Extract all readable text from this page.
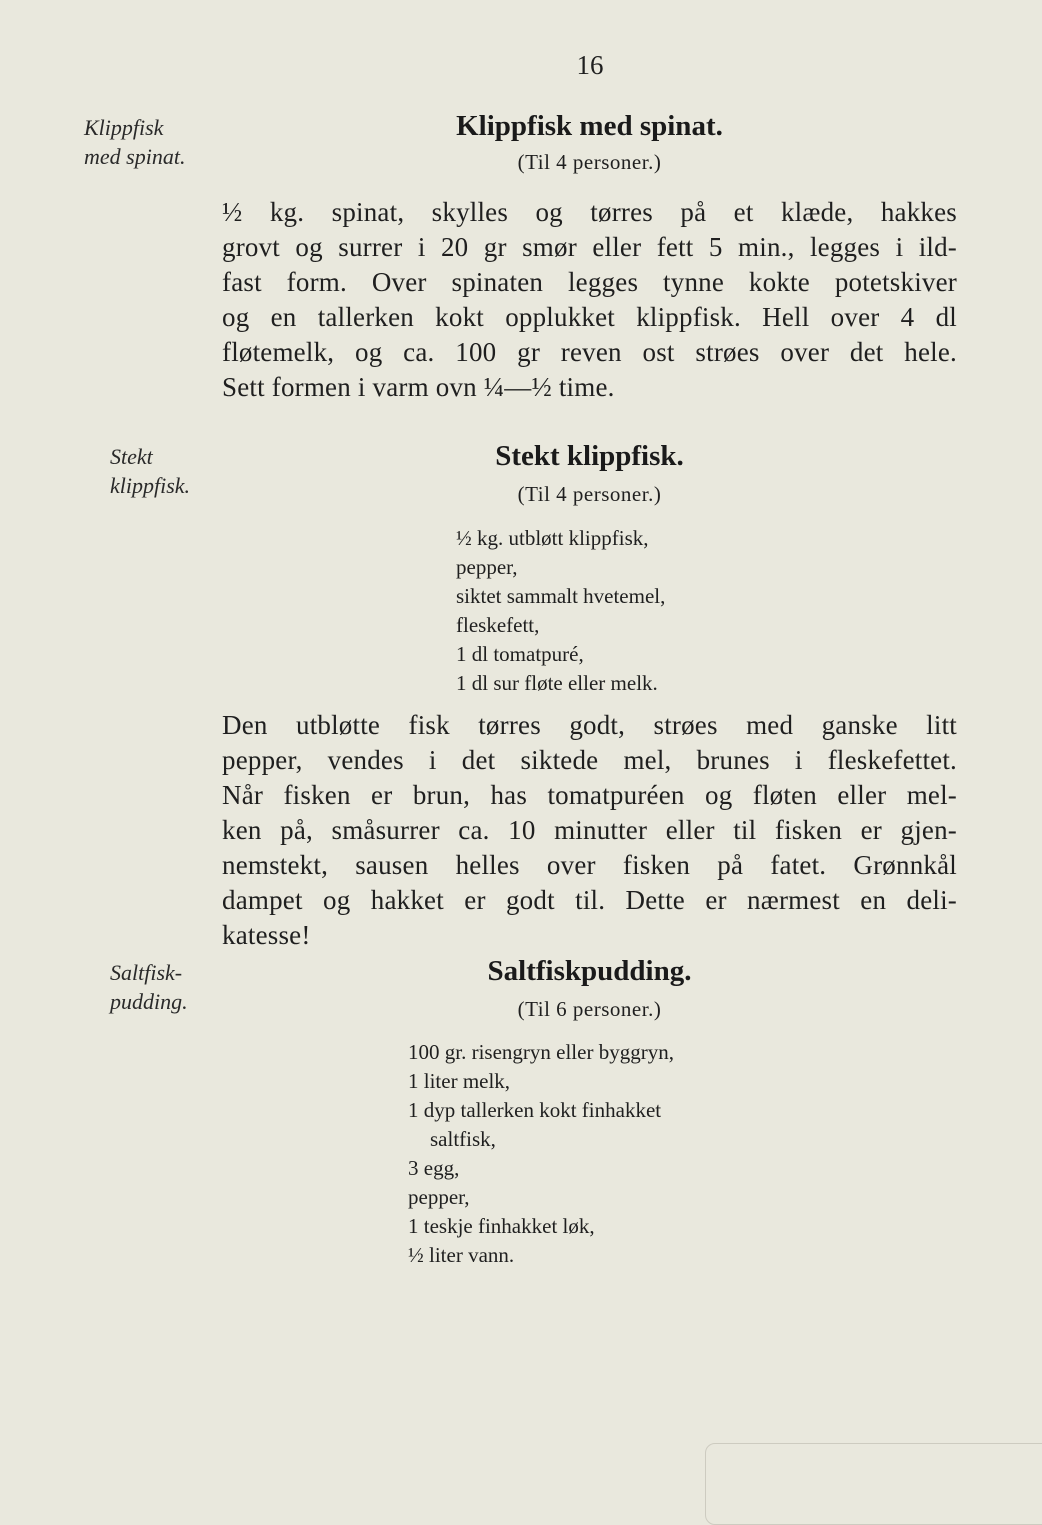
16
Klippfisk
med spinat.
Klippfisk med spinat.
(Til 4 personer.)
½ kg. spinat, skylles og tørres på et klæde, hakkes
grovt og surrer i 20 gr smør eller fett 5 min., legges i ild-
fast form. Over spinaten legges tynne kokte potetskiver
og en tallerken kokt opplukket klippfisk. Hell over 4 dl
fløtemelk, og ca. 100 gr reven ost strøes over det hele.
Sett formen i varm ovn ¼—½ time.
Stekt
klippfisk.
Stekt klippfisk.
(Til 4 personer.)
½ kg. utbløtt klippfisk,
pepper,
siktet sammalt hvetemel,
fleskefett,
1 dl tomatpuré,
1 dl sur fløte eller melk.
Den utbløtte fisk tørres godt, strøes med ganske litt
pepper, vendes i det siktede mel, brunes i fleskefettet.
Når fisken er brun, has tomatpuréen og fløten eller mel-
ken på, småsurrer ca. 10 minutter eller til fisken er gjen-
nemstekt, sausen helles over fisken på fatet. Grønnkål
dampet og hakket er godt til. Dette er nærmest en deli-
katesse!
Saltfisk-
pudding.
Saltfiskpudding.
(Til 6 personer.)
100 gr. risengryn eller byggryn,
1 liter melk,
1 dyp tallerken kokt finhakket
saltfisk,
3 egg,
pepper,
1 teskje finhakket løk,
½ liter vann.
